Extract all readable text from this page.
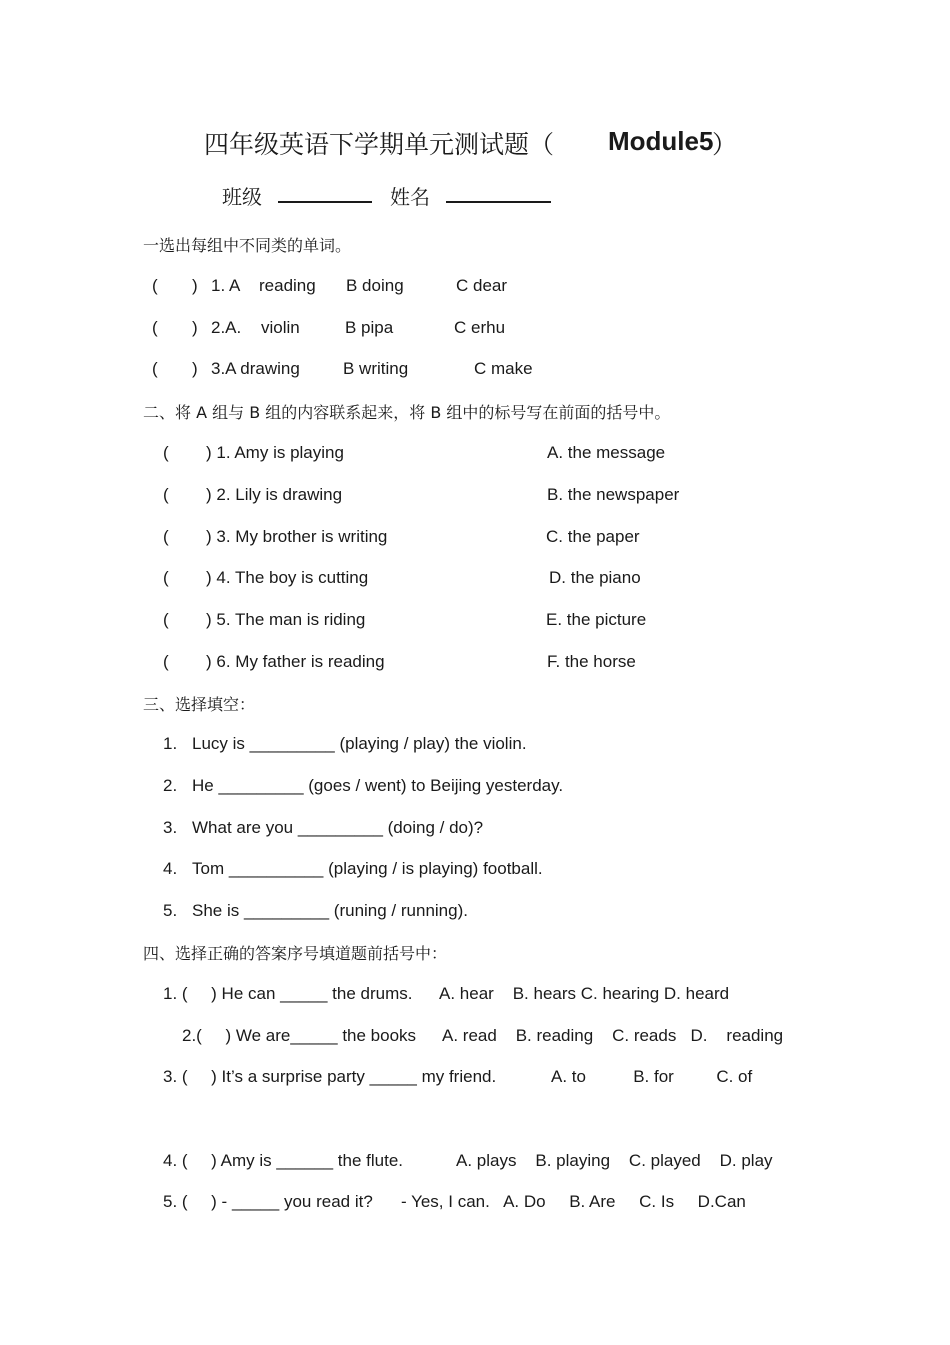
四年级英语下学期单元测试题（ Module5
）
班级	姓名
一选出每组中不同类的单词。
( ) 1. A reading B doing	C dear
( ) 2.A. violin	B pipa	C erhu
( ) 3.A drawing	B writing	C make
二、将 A 组与 B 组的内容联系起来，将 B 组中的标号写在前面的括号中。
( ) 1. Amy is playing	A. the message
( ) 2. Lily is drawing	B. the newspaper
( ) 3. My brother is writing	C. the paper
( ) 4. The boy is cutting	D. the piano
( ) 5. The man is riding	E. the picture
( ) 6. My father is reading	F. the horse
三、选择填空：
1. Lucy is _________ (playing / play) the violin.
2. He _________ (goes / went) to Beijing yesterday.
3. What are you _________ (doing / do)?
4. Tom __________ (playing / is playing) football.
5. She is _________ (runing / running).
四、选择正确的答案序号填道题前括号中：
1. (     ) He can _____ the drums. A. hear    B. hears C. hearing D. heard
2.(     ) We are_____ the books A. read    B. reading    C. reads   D.    reading
3. (     ) It’s a surprise party _____ my friend.	A. to          B. for         C. of
4. (     ) Amy is ______ the flute.	A. plays    B. playing    C. played    D. play
5. (     ) - _____ you read it? - Yes, I can.   A. Do     B. Are     C. Is     D.Can
